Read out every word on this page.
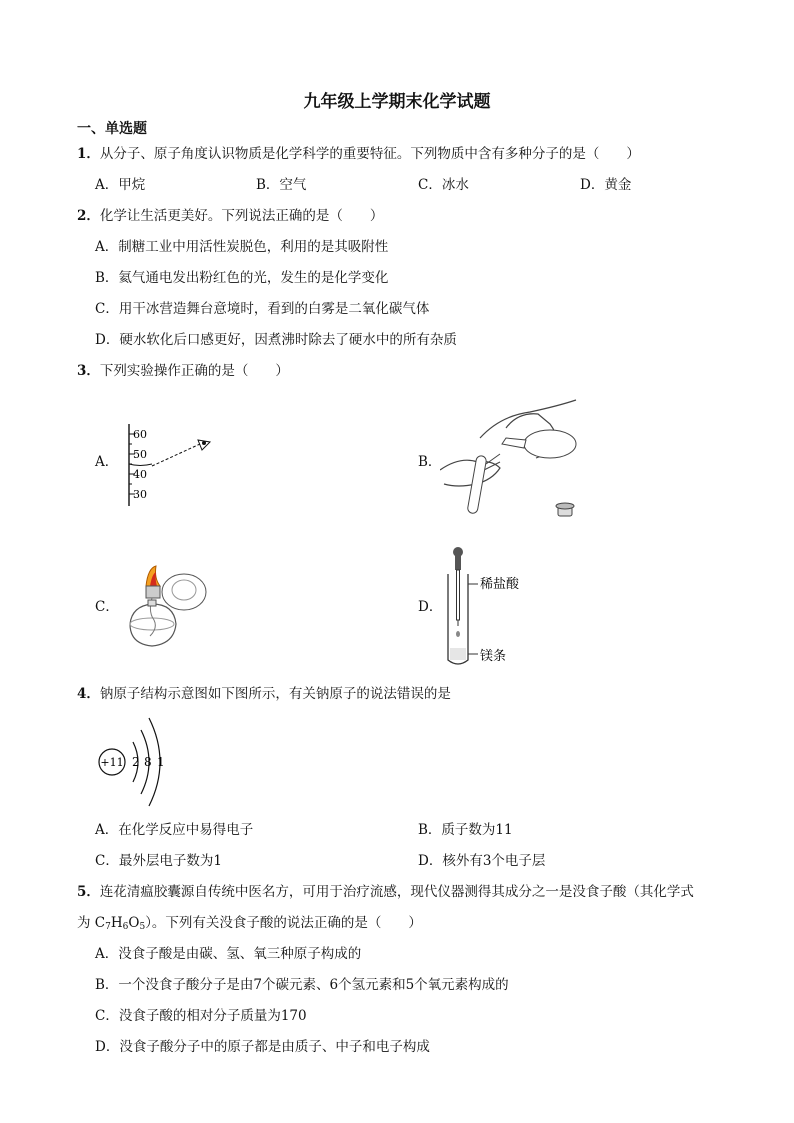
九年级上学期末化学试题
一、单选题
1．从分子、原子角度认识物质是化学科学的重要特征。下列物质中含有多种分子的是（　　）
A．甲烷	B．空气	C．冰水	D．黄金
2．化学让生活更美好。下列说法正确的是（　　）
A．制糖工业中用活性炭脱色，利用的是其吸附性
B．氦气通电发出粉红色的光，发生的是化学变化
C．用干冰营造舞台意境时，看到的白雾是二氧化碳气体
D．硬水软化后口感更好，因煮沸时除去了硬水中的所有杂质
3．下列实验操作正确的是（　　）
A．	B．
C．	D．
60
50
40
30
稀盐酸
镁条
4．钠原子结构示意图如下图所示，有关钠原子的说法错误的是
+11 2 8 1
A．在化学反应中易得电子	B．质子数为11
C．最外层电子数为1	D．核外有3个电子层
5．连花清瘟胶囊源自传统中医名方，可用于治疗流感，现代仪器测得其成分之一是没食子酸（其化学式
为 $C_7H_6O_5$）。下列有关没食子酸的说法正确的是（　　）
A．没食子酸是由碳、氢、氧三种原子构成的
B．一个没食子酸分子是由7个碳元素、6个氢元素和5个氧元素构成的
C．没食子酸的相对分子质量为170
D．没食子酸分子中的原子都是由质子、中子和电子构成
